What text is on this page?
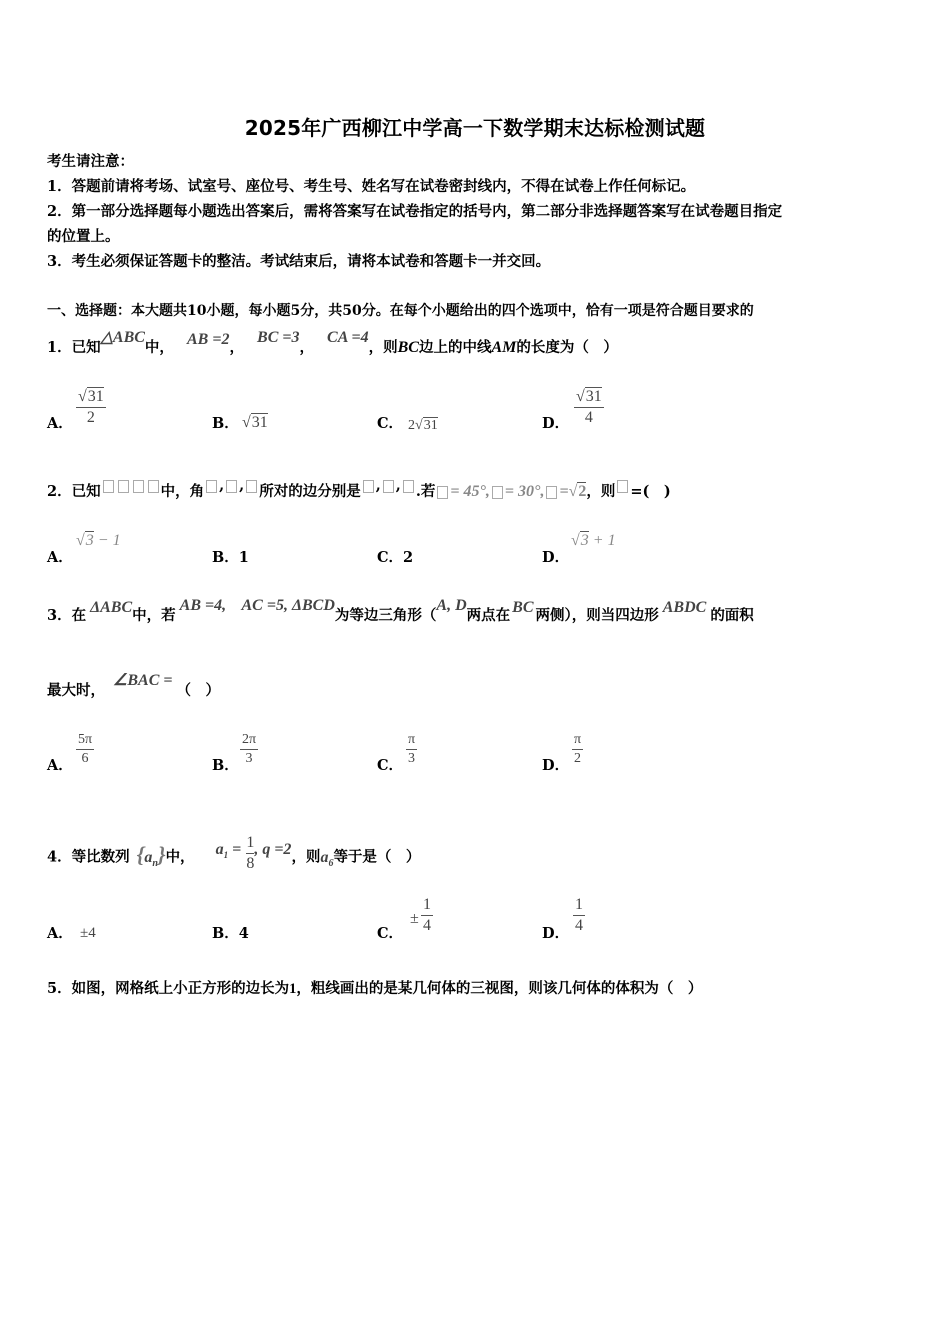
2025年广西柳江中学高一下数学期末达标检测试题
考生请注意：
1．答题前请将考场、试室号、座位号、考生号、姓名写在试卷密封线内，不得在试卷上作任何标记。
2．第一部分选择题每小题选出答案后，需将答案写在试卷指定的括号内，第二部分非选择题答案写在试卷题目指定
的位置上。
3．考生必须保证答题卡的整洁。考试结束后，请将本试卷和答题卡一并交回。
一、选择题：本大题共10小题，每小题5分，共50分。在每个小题给出的四个选项中，恰有一项是符合题目要求的
1．已知△ABC中， AB =2， BC =3， CA =4，则BC边上的中线AM的长度为（　）
A．
√31
2	B． √31	C． 2√31	D．
√31
4
2．已知	中，角 , , 所对的边分别是 , , .若 = 45°, = 30°, =√2，则 =(　)
A．
√3 − 1
B．1	C．2	D．
√3 + 1
3．在 ΔABC中，若AB =4,    AC =5, ΔBCD为等边三角形（A, D两点在 BC 两侧），则当四边形 ABDC 的面积
最大时，∠BAC =（　）
A．
5π
6	B．
2π
3	C．
π
3	D．
π
2
4．等比数列 $\{a_n\}$中， $a_1 = \frac{1}{8}$ , q =2，则$a_6$等于是（　）
A． ±4	B．4	C．
±
1
4	D．
1
4
5．如图，网格纸上小正方形的边长为1，粗线画出的是某几何体的三视图，则该几何体的体积为（　）
